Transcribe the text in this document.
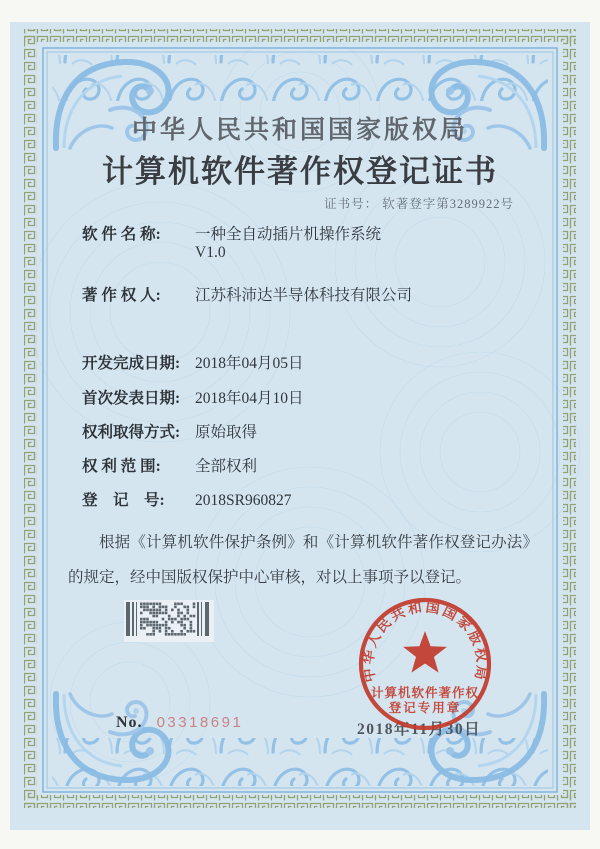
中华人民共和国国家版权局
计算机软件著作权登记证书
证书号： 软著登字第3289922号
软 件 名 称: 一种全自动插片机操作系统
V1.0
著 作 权 人: 江苏科沛达半导体科技有限公司
开发完成日期: 2018年04月05日
首次发表日期: 2018年04月10日
权利取得方式: 原始取得
权 利 范 围: 全部权利
登　记　号: 2018SR960827
根据《计算机软件保护条例》和《计算机软件著作权登记办法》的规定，经中国版权保护中心审核，对以上事项予以登记。
No. 03318691	2018年11月30日
中华人民共和国国家版权局
计算机软件著作权
登记专用章
